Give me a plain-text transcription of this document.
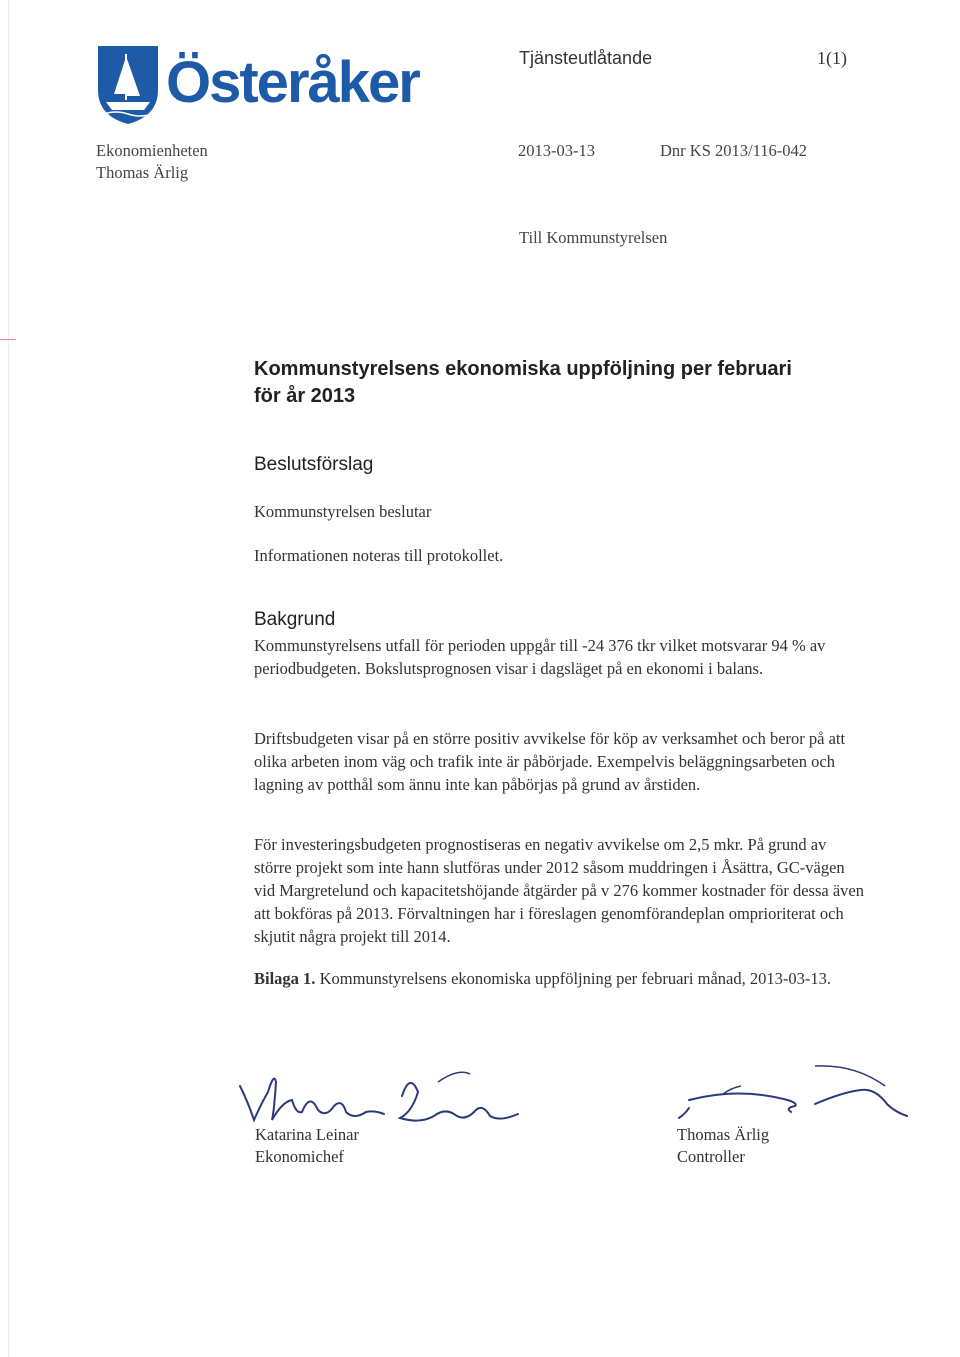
Österåker	Tjänsteutlåtande	1(1)
Ekonomienheten
Thomas Ärlig
2013-03-13	Dnr KS 2013/116-042
Till Kommunstyrelsen
Kommunstyrelsens ekonomiska uppföljning per februari
för år 2013
Beslutsförslag
Kommunstyrelsen beslutar
Informationen noteras till protokollet.
Bakgrund
Kommunstyrelsens utfall för perioden uppgår till -24 376 tkr vilket motsvarar 94 % av periodbudgeten. Bokslutsprognosen visar i dagsläget på en ekonomi i balans.
Driftsbudgeten visar på en större positiv avvikelse för köp av verksamhet och beror på att olika arbeten inom väg och trafik inte är påbörjade. Exempelvis beläggningsarbeten och lagning av potthål som ännu inte kan påbörjas på grund av årstiden.
För investeringsbudgeten prognostiseras en negativ avvikelse om 2,5 mkr. På grund av större projekt som inte hann slutföras under 2012 såsom muddringen i Åsättra, GC-vägen vid Margretelund och kapacitetshöjande åtgärder på v 276 kommer kostnader för dessa även att bokföras på 2013. Förvaltningen har i föreslagen genomförandeplan omprioriterat och skjutit några projekt till 2014.
Bilaga 1. Kommunstyrelsens ekonomiska uppföljning per februari månad, 2013-03-13.
Katarina Leinar
Ekonomichef
Thomas Ärlig
Controller
